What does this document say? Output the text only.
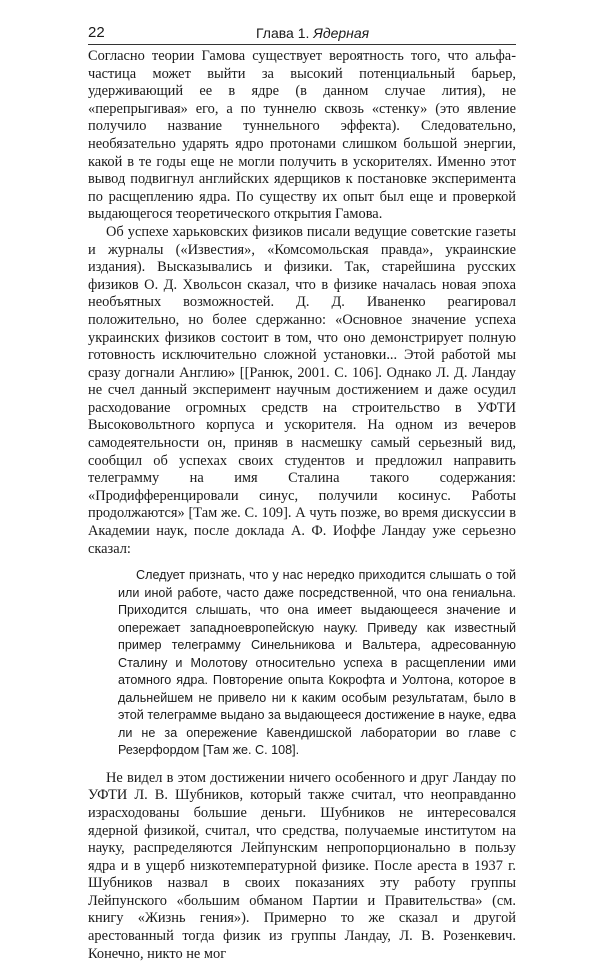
22	Глава 1. Ядерная

Согласно теории Гамова существует вероятность того, что альфа-частица может выйти за высокий потенциальный барьер, удерживающий ее в ядре (в данном случае лития), не «перепрыгивая» его, а по туннелю сквозь «стенку» (это явление получило название туннельного эффекта). Следовательно, необязательно ударять ядро протонами слишком большой энергии, какой в те годы еще не могли получить в ускорителях. Именно этот вывод подвигнул английских ядерщиков к постановке эксперимента по расщеплению ядра. По существу их опыт был еще и проверкой выдающегося теоретического открытия Гамова.

Об успехе харьковских физиков писали ведущие советские газеты и журналы («Известия», «Комсомольская правда», украинские издания). Высказывались и физики. Так, старейшина русских физиков О. Д. Хвольсон сказал, что в физике началась новая эпоха необъятных возможностей. Д. Д. Иваненко реагировал положительно, но более сдержанно: «Основное значение успеха украинских физиков состоит в том, что оно демонстрирует полную готовность исключительно сложной установки... Этой работой мы сразу догнали Англию» [[Ранюк, 2001. С. 106]. Однако Л. Д. Ландау не счел данный эксперимент научным достижением и даже осудил расходование огромных средств на строительство в УФТИ Высоковольтного корпуса и ускорителя. На одном из вечеров самодеятельности он, приняв в насмешку самый серьезный вид, сообщил об успехах своих студентов и предложил направить телеграмму на имя Сталина такого содержания: «Продифференцировали синус, получили косинус. Работы продолжаются» [Там же. С. 109]. А чуть позже, во время дискуссии в Академии наук, после доклада А. Ф. Иоффе Ландау уже серьезно сказал:

Следует признать, что у нас нередко приходится слышать о той или иной работе, часто даже посредственной, что она гениальна. Приходится слышать, что она имеет выдающееся значение и опережает западноевропейскую науку. Приведу как известный пример телеграмму Синельникова и Вальтера, адресованную Сталину и Молотову относительно успеха в расщеплении ими атомного ядра. Повторение опыта Кокрофта и Уолтона, которое в дальнейшем не привело ни к каким особым результатам, было в этой телеграмме выдано за выдающееся достижение в науке, едва ли не за опережение Кавендишской лаборатории во главе с Резерфордом [Там же. С. 108].

Не видел в этом достижении ничего особенного и друг Ландау по УФТИ Л. В. Шубников, который также считал, что неоправданно израсходованы большие деньги. Шубников не интересовался ядерной физикой, считал, что средства, получаемые институтом на науку, распределяются Лейпунским непропорционально в пользу ядра и в ущерб низкотемпературной физике. После ареста в 1937 г. Шубников назвал в своих показаниях эту работу группы Лейпунского «большим обманом Партии и Правительства» (см. книгу «Жизнь гения»). Примерно то же сказал и другой арестованный тогда физик из группы Ландау, Л. В. Розенкевич. Конечно, никто не мог
